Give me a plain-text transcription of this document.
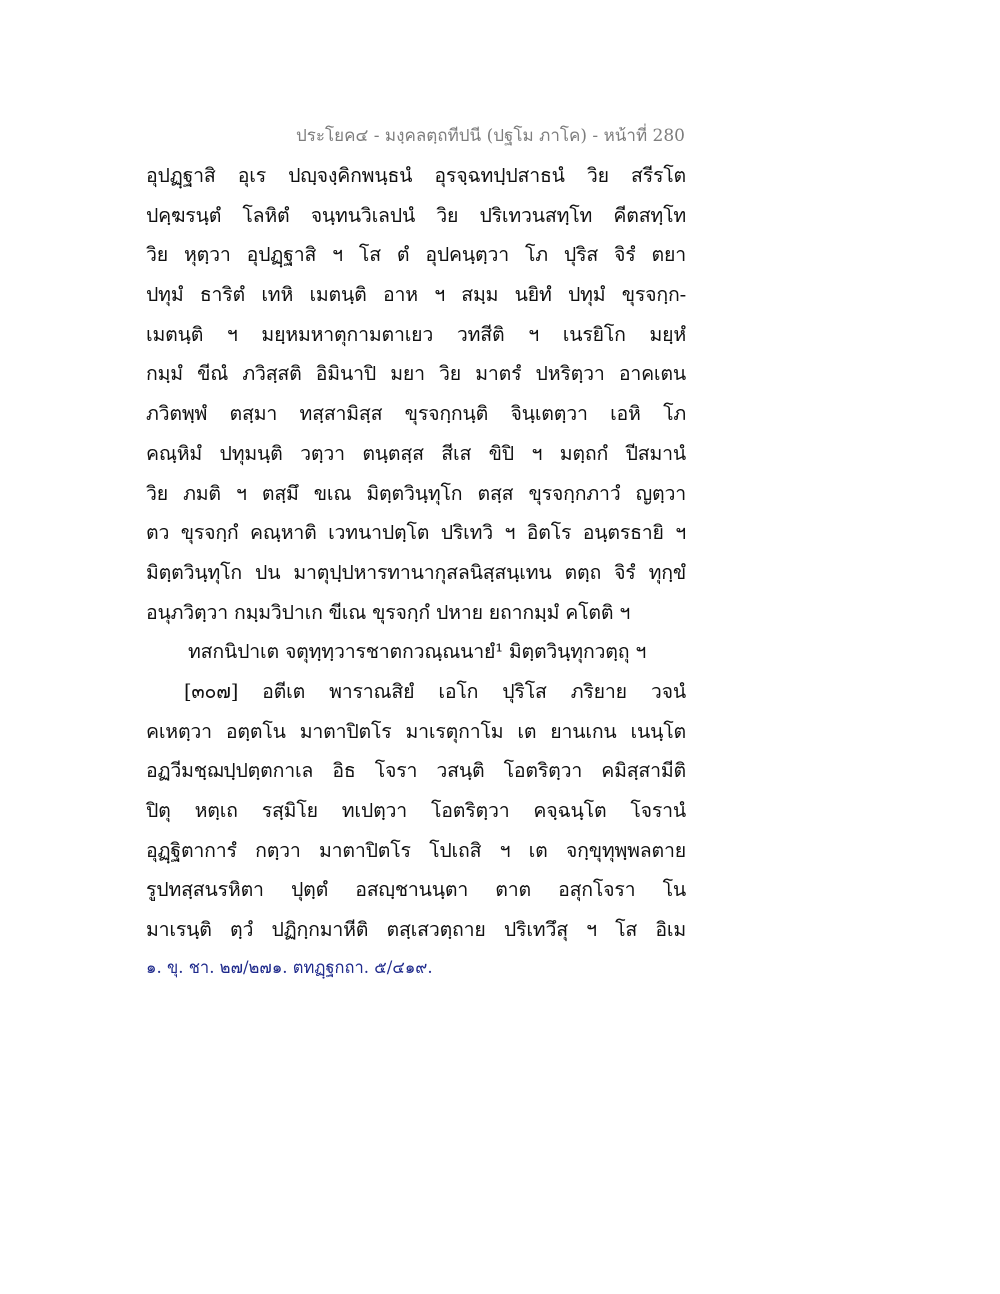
ประโยค๔ - มงฺคลตฺถทีปนี (ปฐโม ภาโค) - หน้าที่ 280
อุปฏฺฐาสิ อุเร ปญฺจงฺคิกพนฺธนํ อุรจฺฉทปฺปสาธนํ วิย สรีรโต
ปคฺฆรนฺตํ โลหิตํ จนฺทนวิเลปนํ วิย ปริเทวนสทฺโท คีตสทฺโท
วิย หุตฺวา อุปฏฺฐาสิ ฯ โส ตํ อุปคนฺตฺวา โภ ปุริส จิรํ ตยา
ปทุมํ ธาริตํ เทหิ เมตนฺติ อาห ฯ สมฺม นยิทํ ปทุมํ ขุรจกฺก-
เมตนฺติ ฯ มยฺหมหาตุกามตาเยว วทสีติ ฯ เนรยิโก มยฺหํ
กมฺมํ ขีณํ ภวิสฺสติ อิมินาปิ มยา วิย มาตรํ ปหริตฺวา อาคเตน
ภวิตพฺพํ ตสฺมา ทสฺสามิสฺส ขุรจกฺกนฺติ จินฺเตตฺวา เอหิ โภ
คณฺหิมํ ปทุมนฺติ วตฺวา ตนฺตสฺส สีเส ขิปิ ฯ มตฺถกํ ปีสมานํ
วิย ภมติ ฯ ตสฺมึ ขเณ มิตฺตวินฺทุโก ตสฺส ขุรจกฺกภาวํ ญตฺวา
ตว ขุรจกฺกํ คณฺหาติ เวทนาปตฺโต ปริเทวิ ฯ อิตโร อนฺตรธายิ ฯ
มิตฺตวินฺทุโก ปน มาตุปฺปหารทานากุสลนิสฺสนฺเทน ตตฺถ จิรํ ทุกฺขํ
อนุภวิตฺวา กมฺมวิปาเก ขีเณ ขุรจกฺกํ ปหาย ยถากมฺมํ คโตติ ฯ
ทสกนิปาเต จตุทฺทฺวารชาตกวณฺณนายํ¹ มิตฺตวินฺทุกวตฺถุ ฯ
[๓๐๗] อตีเต พาราณสิยํ เอโก ปุริโส ภริยาย วจนํ
คเหตฺวา อตฺตโน มาตาปิตโร มาเรตุกาโม เต ยานเกน เนนฺโต
อฏวีมชฺฌปฺปตฺตกาเล อิธ โจรา วสนฺติ โอตริตฺวา คมิสฺสามีติ
ปิตุ หตฺเถ รสฺมิโย ทเปตฺวา โอตริตฺวา คจฺฉนฺโต โจรานํ
อุฏฺฐิตาการํ กตฺวา มาตาปิตโร โปเถสิ ฯ เต จกฺขุทุพฺพลตาย
รูปทสฺสนรหิตา ปุตฺตํ อสญฺชานนฺตา ตาต อสุกโจรา โน
มาเรนฺติ ตฺวํ ปฏิกฺกมาหีติ ตสฺเสวตฺถาย ปริเทวึสุ ฯ โส อิเม
๑. ขุ. ชา. ๒๗/๒๗๑. ตทฏฺฐกถา. ๕/๔๑๙.
